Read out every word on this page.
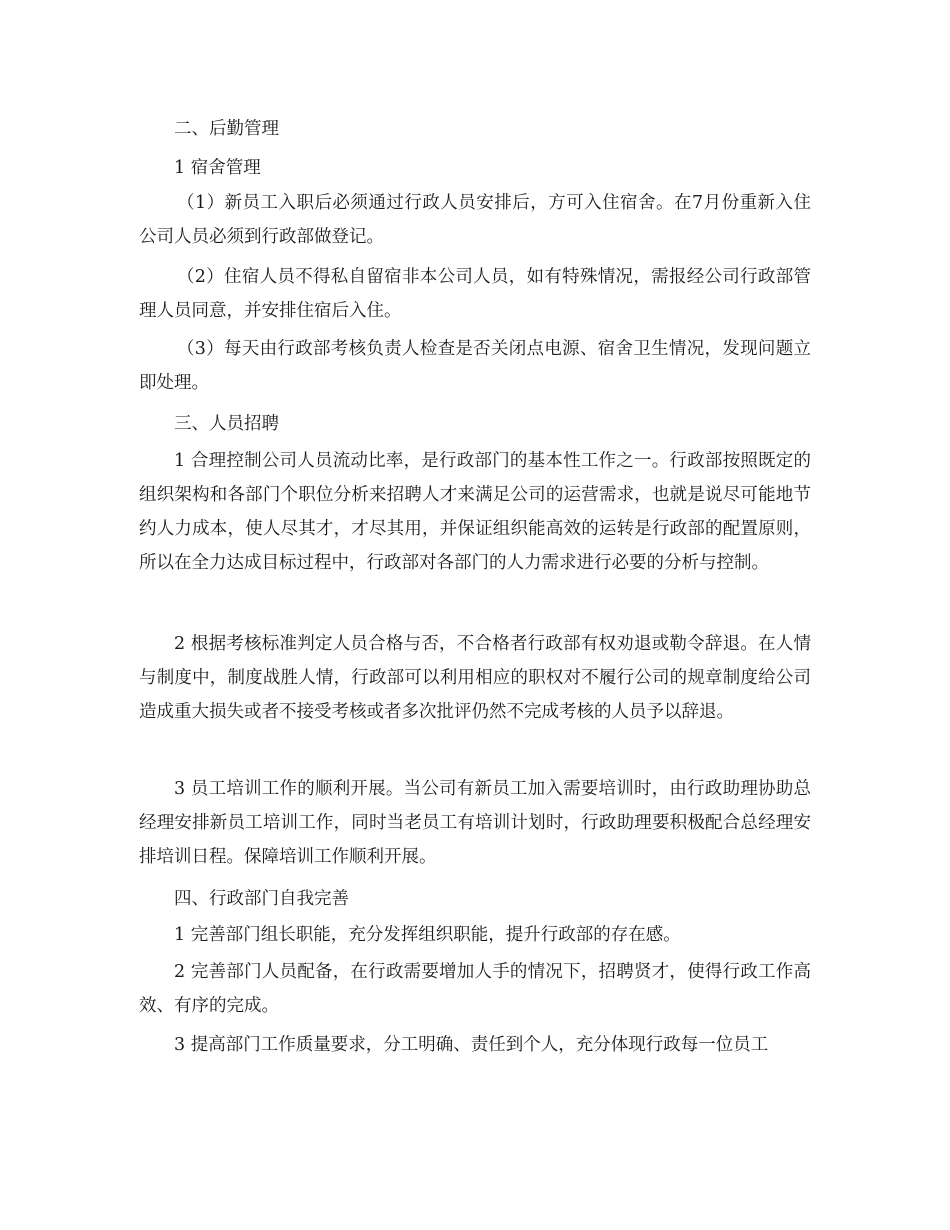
二、后勤管理

1 宿舍管理

（1）新员工入职后必须通过行政人员安排后，方可入住宿舍。在7月份重新入住公司人员必须到行政部做登记。

（2）住宿人员不得私自留宿非本公司人员，如有特殊情况，需报经公司行政部管理人员同意，并安排住宿后入住。

（3）每天由行政部考核负责人检查是否关闭点电源、宿舍卫生情况，发现问题立即处理。

三、人员招聘

1 合理控制公司人员流动比率，是行政部门的基本性工作之一。行政部按照既定的组织架构和各部门个职位分析来招聘人才来满足公司的运营需求，也就是说尽可能地节约人力成本，使人尽其才，才尽其用，并保证组织能高效的运转是行政部的配置原则，所以在全力达成目标过程中，行政部对各部门的人力需求进行必要的分析与控制。

2 根据考核标准判定人员合格与否，不合格者行政部有权劝退或勒令辞退。在人情与制度中，制度战胜人情，行政部可以利用相应的职权对不履行公司的规章制度给公司造成重大损失或者不接受考核或者多次批评仍然不完成考核的人员予以辞退。

3 员工培训工作的顺利开展。当公司有新员工加入需要培训时，由行政助理协助总经理安排新员工培训工作，同时当老员工有培训计划时，行政助理要积极配合总经理安排培训日程。保障培训工作顺利开展。

四、行政部门自我完善

1 完善部门组长职能，充分发挥组织职能，提升行政部的存在感。

2 完善部门人员配备，在行政需要增加人手的情况下，招聘贤才，使得行政工作高效、有序的完成。

3 提高部门工作质量要求，分工明确、责任到个人，充分体现行政每一位员工
